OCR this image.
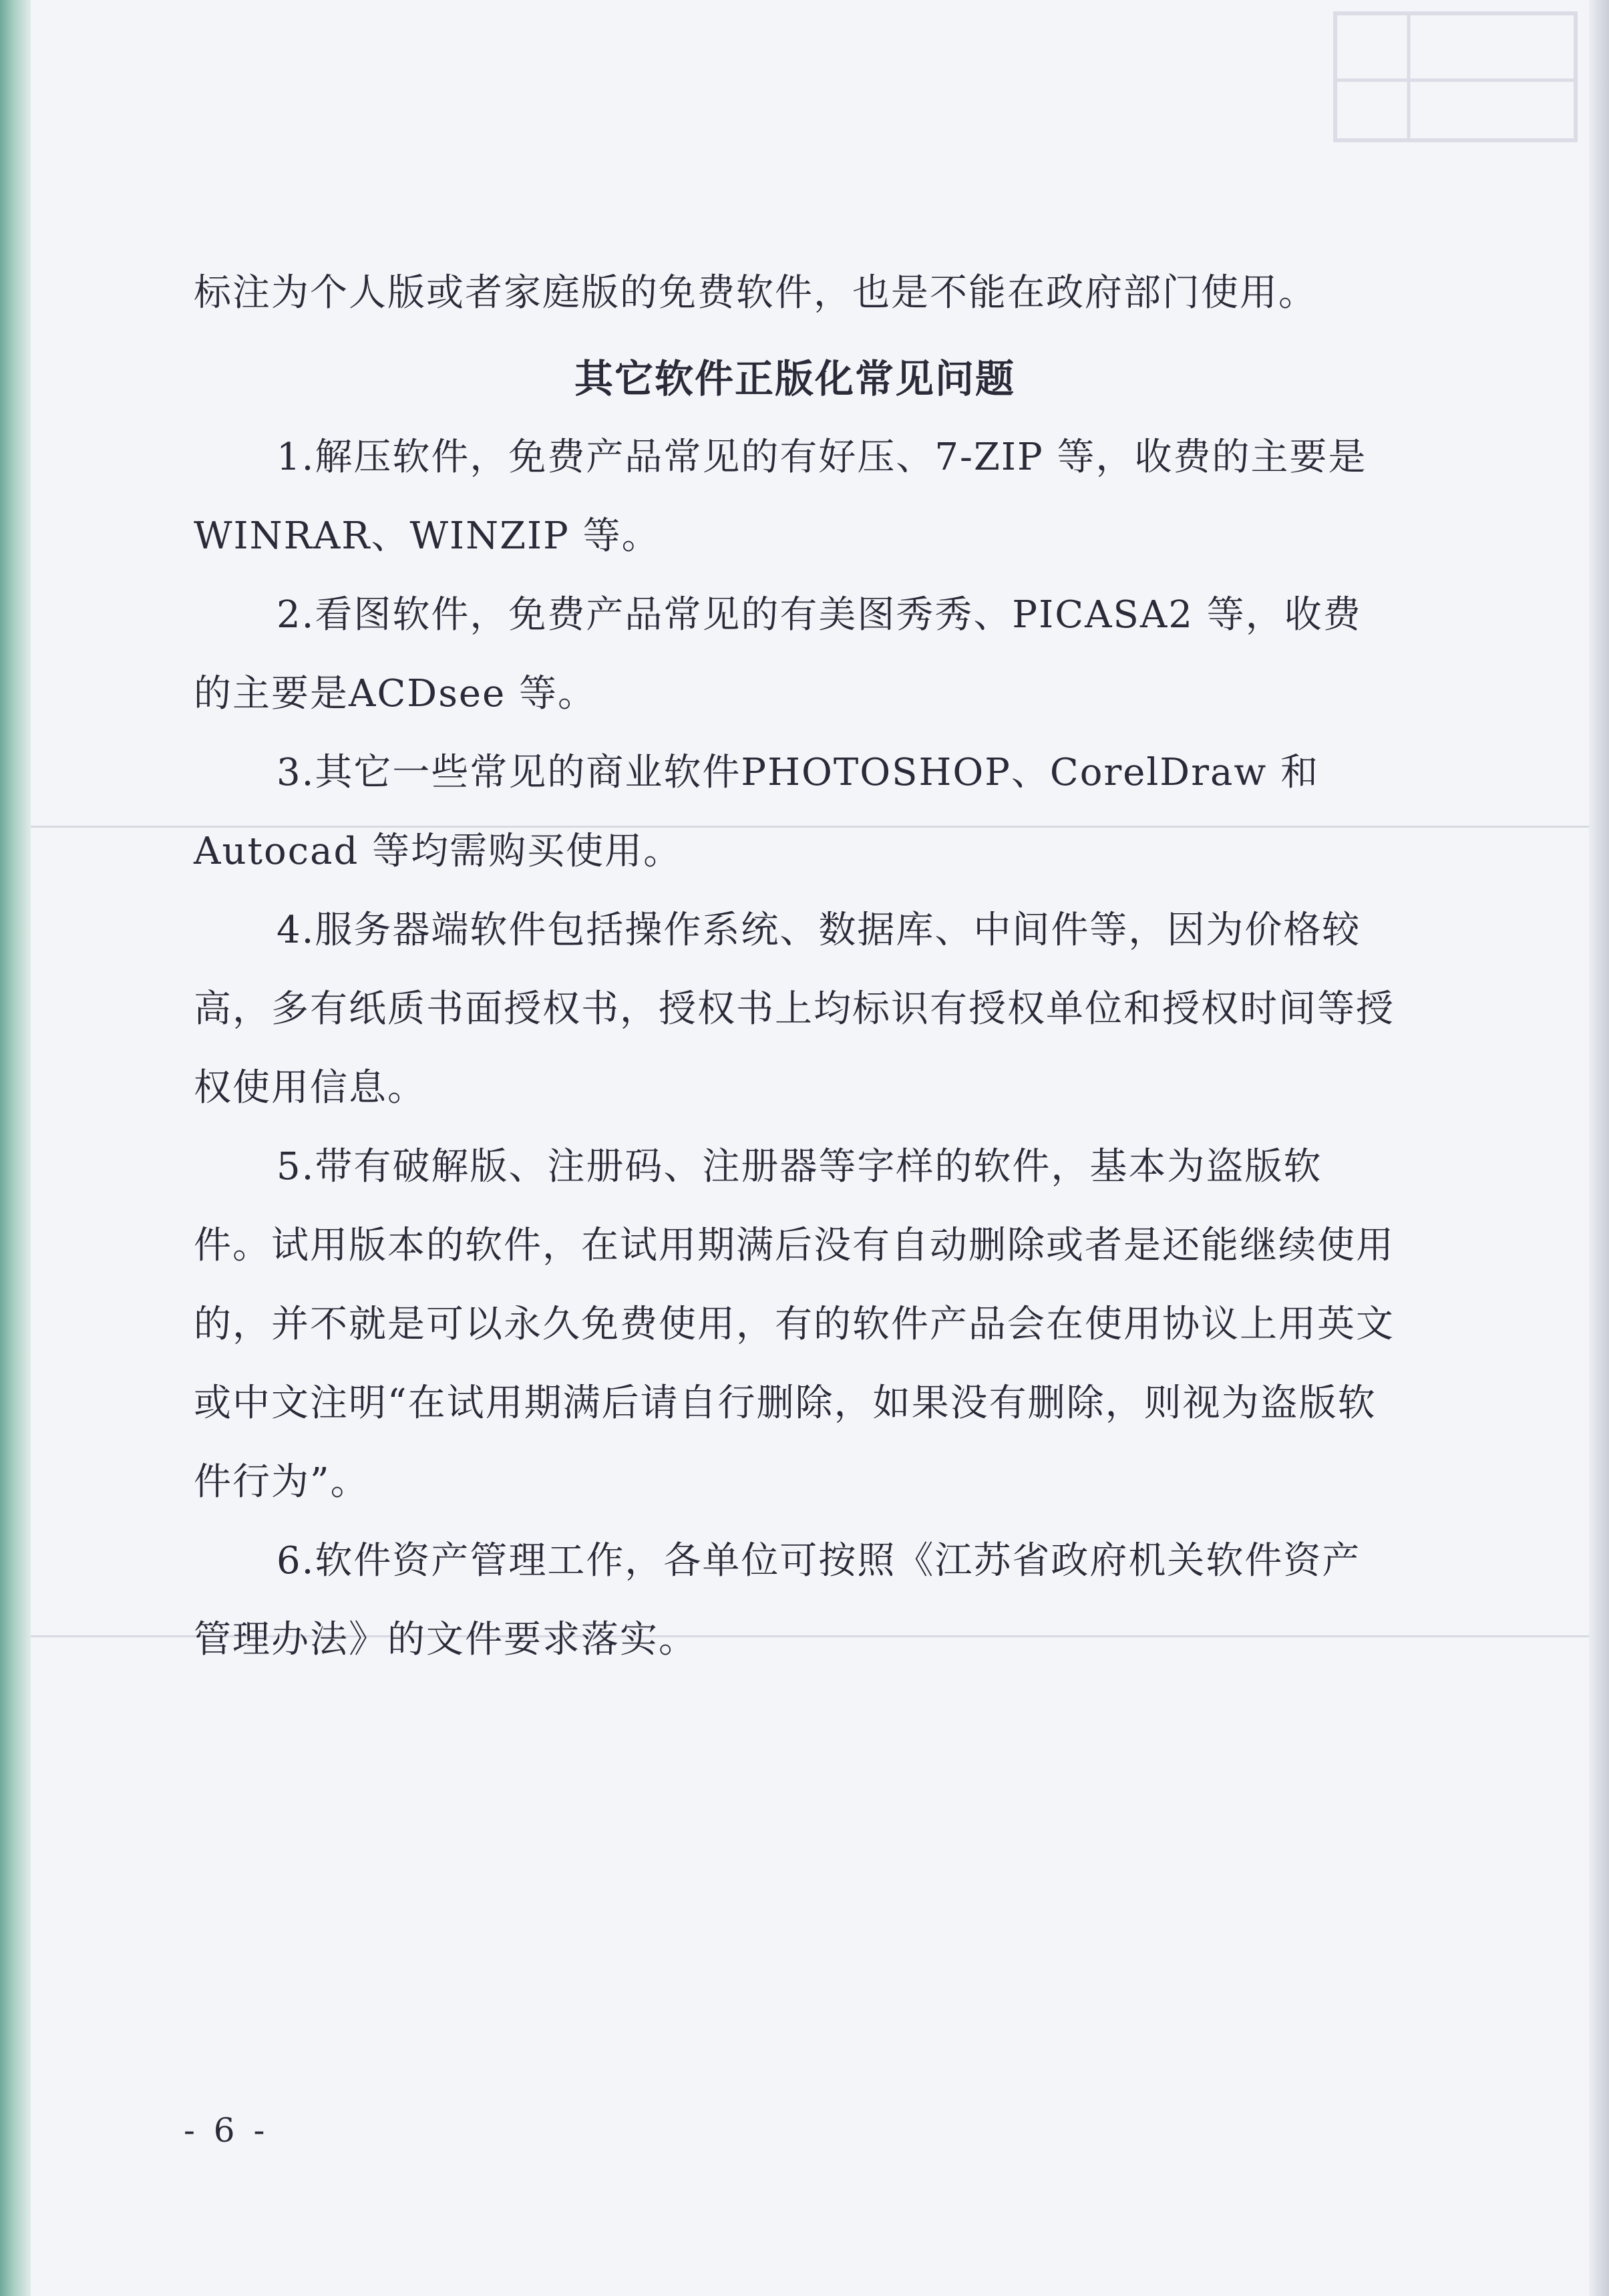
标注为个人版或者家庭版的免费软件，也是不能在政府部门使用。

其它软件正版化常见问题

1.解压软件，免费产品常见的有好压、7-ZIP 等，收费的主要是WINRAR、WINZIP 等。

2.看图软件，免费产品常见的有美图秀秀、PICASA2 等，收费的主要是ACDsee 等。

3.其它一些常见的商业软件PHOTOSHOP、CorelDraw 和 Autocad 等均需购买使用。

4.服务器端软件包括操作系统、数据库、中间件等，因为价格较高，多有纸质书面授权书，授权书上均标识有授权单位和授权时间等授权使用信息。

5.带有破解版、注册码、注册器等字样的软件，基本为盗版软件。试用版本的软件，在试用期满后没有自动删除或者是还能继续使用的，并不就是可以永久免费使用，有的软件产品会在使用协议上用英文或中文注明“在试用期满后请自行删除，如果没有删除，则视为盗版软件行为”。

6.软件资产管理工作，各单位可按照《江苏省政府机关软件资产管理办法》的文件要求落实。

- 6 -
